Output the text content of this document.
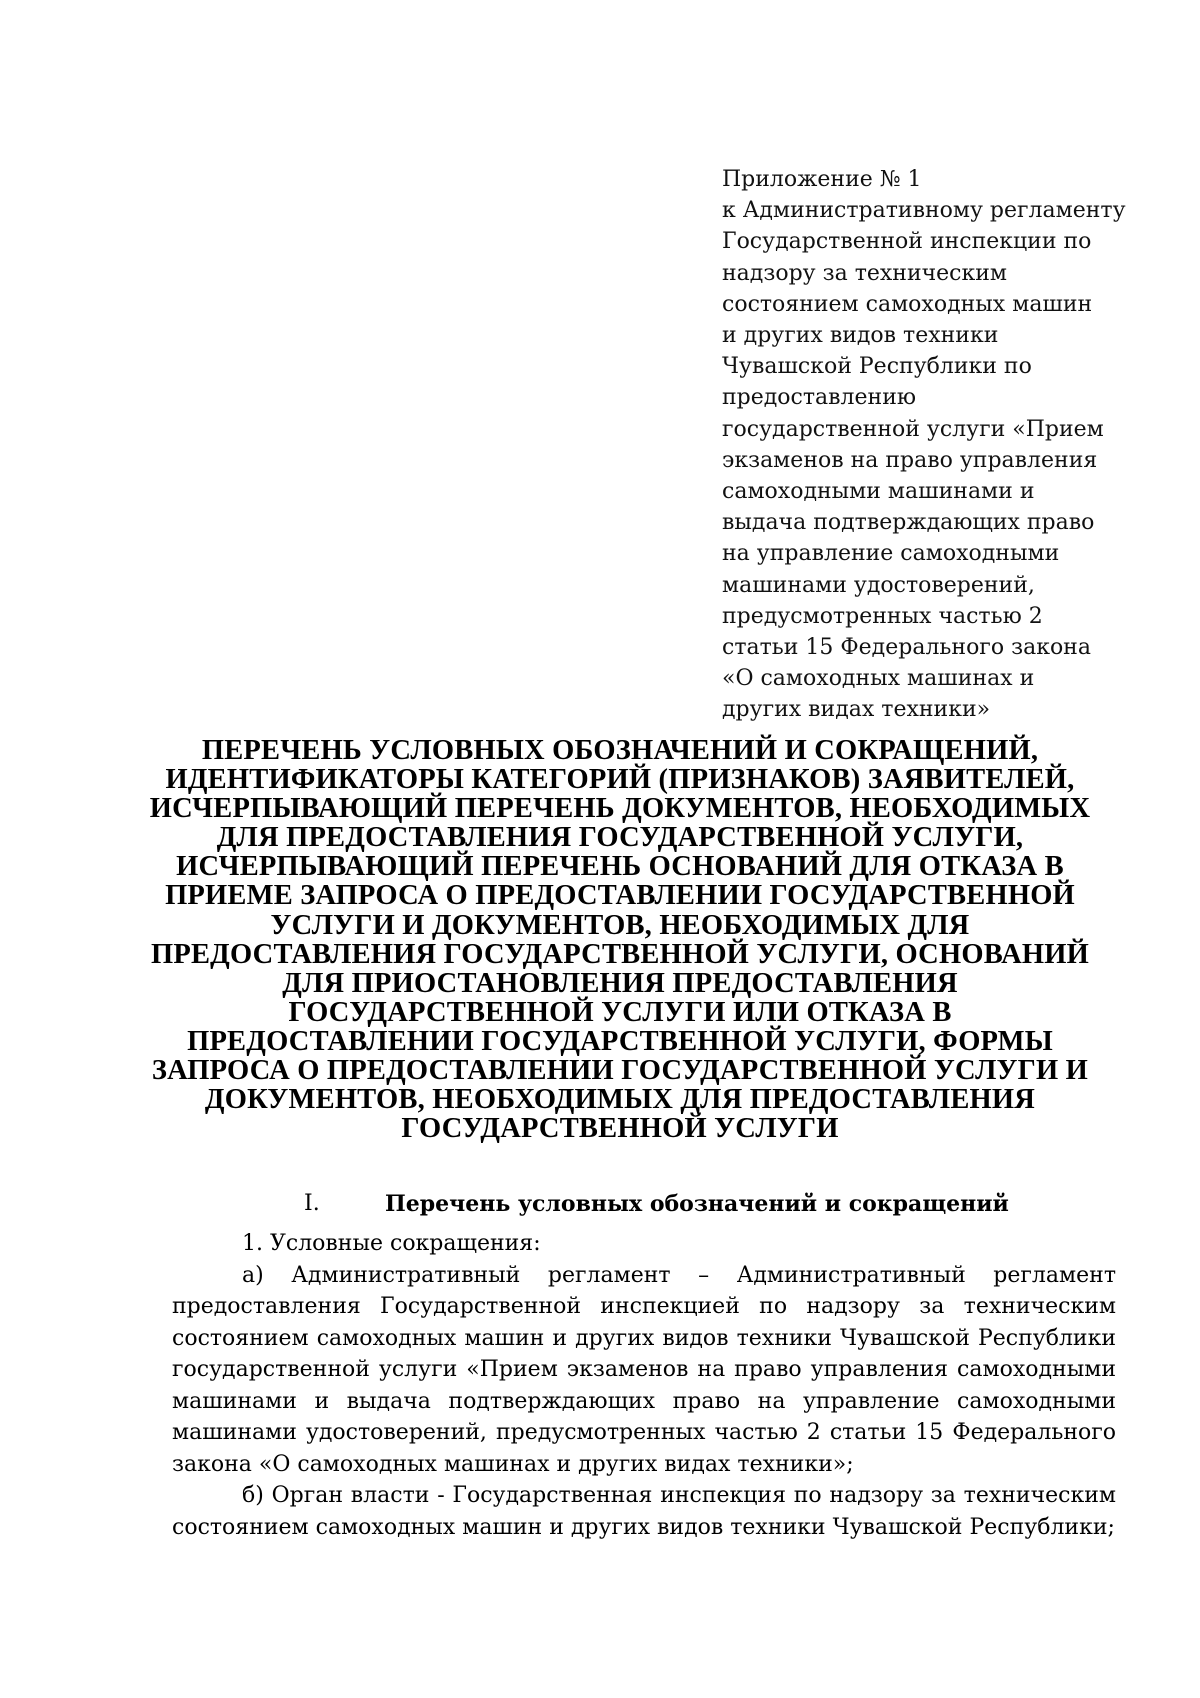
Приложение № 1
к Административному регламенту
Государственной инспекции по
надзору за техническим
состоянием самоходных машин
и других видов техники
Чувашской Республики по
предоставлению
государственной услуги «Прием
экзаменов на право управления
самоходными машинами и
выдача подтверждающих право
на управление самоходными
машинами удостоверений,
предусмотренных частью 2
статьи 15 Федерального закона
«О самоходных машинах и
других видах техники»
ПЕРЕЧЕНЬ УСЛОВНЫХ ОБОЗНАЧЕНИЙ И СОКРАЩЕНИЙ,
ИДЕНТИФИКАТОРЫ КАТЕГОРИЙ (ПРИЗНАКОВ) ЗАЯВИТЕЛЕЙ,
ИСЧЕРПЫВАЮЩИЙ ПЕРЕЧЕНЬ ДОКУМЕНТОВ, НЕОБХОДИМЫХ
ДЛЯ ПРЕДОСТАВЛЕНИЯ ГОСУДАРСТВЕННОЙ УСЛУГИ,
ИСЧЕРПЫВАЮЩИЙ ПЕРЕЧЕНЬ ОСНОВАНИЙ ДЛЯ ОТКАЗА В
ПРИЕМЕ ЗАПРОСА О ПРЕДОСТАВЛЕНИИ ГОСУДАРСТВЕННОЙ
УСЛУГИ И ДОКУМЕНТОВ, НЕОБХОДИМЫХ ДЛЯ
ПРЕДОСТАВЛЕНИЯ ГОСУДАРСТВЕННОЙ УСЛУГИ, ОСНОВАНИЙ
ДЛЯ ПРИОСТАНОВЛЕНИЯ ПРЕДОСТАВЛЕНИЯ
ГОСУДАРСТВЕННОЙ УСЛУГИ ИЛИ ОТКАЗА В
ПРЕДОСТАВЛЕНИИ ГОСУДАРСТВЕННОЙ УСЛУГИ, ФОРМЫ
ЗАПРОСА О ПРЕДОСТАВЛЕНИИ ГОСУДАРСТВЕННОЙ УСЛУГИ И
ДОКУМЕНТОВ, НЕОБХОДИМЫХ ДЛЯ ПРЕДОСТАВЛЕНИЯ
ГОСУДАРСТВЕННОЙ УСЛУГИ
I.	Перечень условных обозначений и сокращений

1. Условные сокращения:

а) Административный регламент – Административный регламент предоставления Государственной инспекцией по надзору за техническим состоянием самоходных машин и других видов техники Чувашской Республики государственной услуги «Прием экзаменов на право управления самоходными машинами и выдача подтверждающих право на управление самоходными машинами удостоверений, предусмотренных частью 2 статьи 15 Федерального закона «О самоходных машинах и других видах техники»;

б) Орган власти - Государственная инспекция по надзору за техническим состоянием самоходных машин и других видов техники Чувашской Республики;
